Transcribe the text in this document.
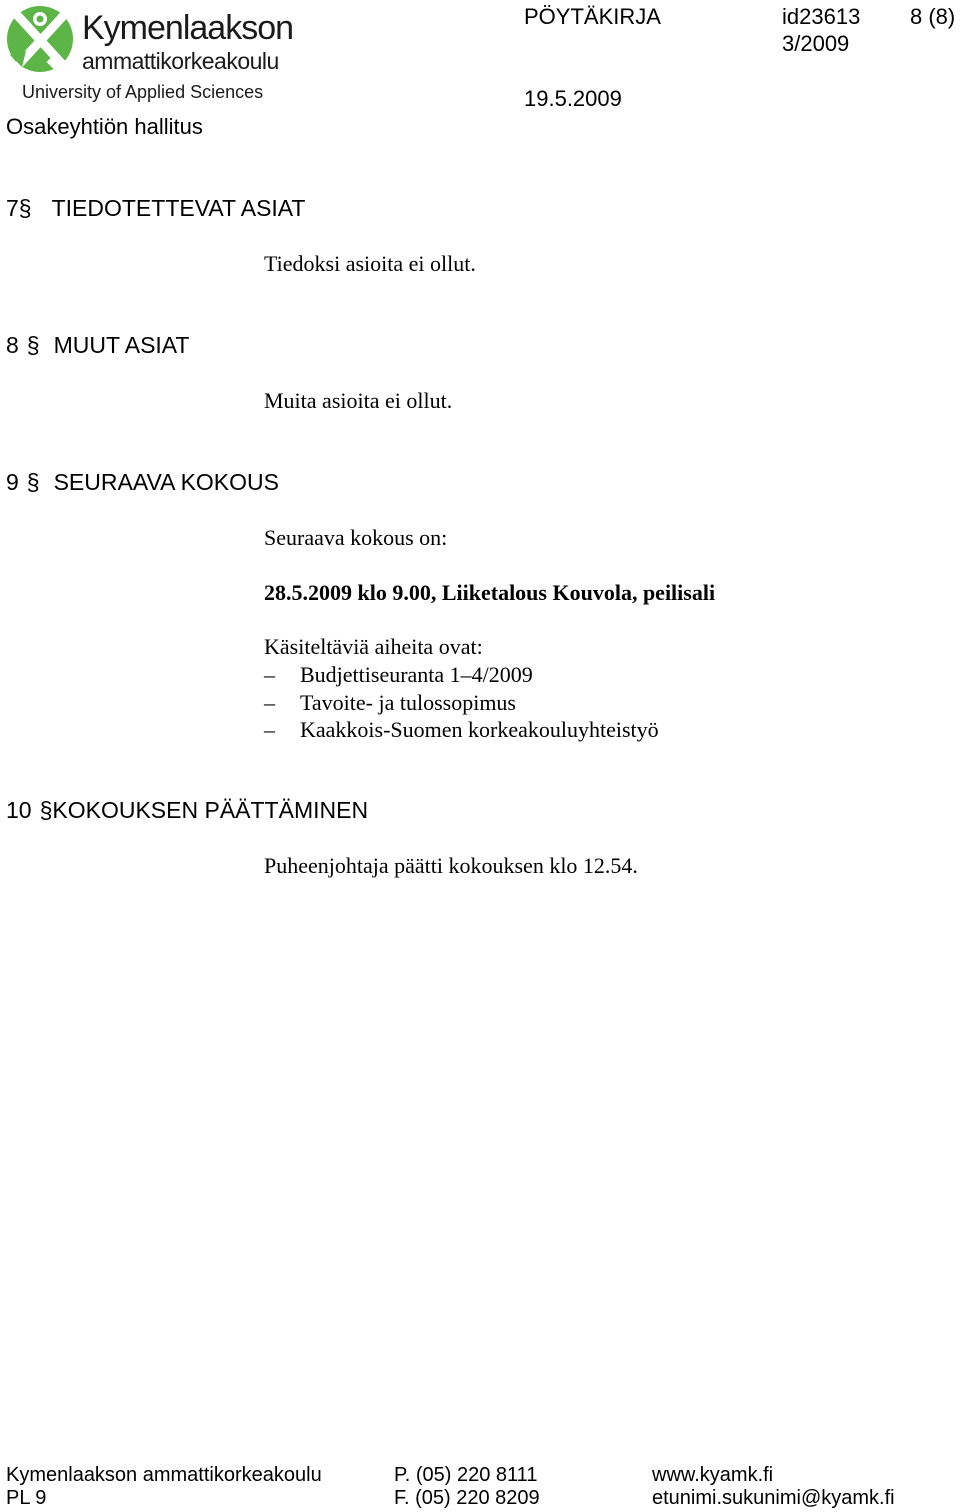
Kymenlaakson
ammattikorkeakoulu
University of Applied Sciences
PÖYTÄKIRJA	id23613 8 (8)
3/2009
19.5.2009
Osakeyhtiön hallitus
7§ TIEDOTETTEVAT ASIAT
Tiedoksi asioita ei ollut.
8 § MUUT ASIAT
Muita asioita ei ollut.
9 § SEURAAVA KOKOUS
Seuraava kokous on:
28.5.2009 klo 9.00, Liiketalous Kouvola, peilisali
Käsiteltäviä aiheita ovat:
– Budjettiseuranta 1–4/2009
– Tavoite- ja tulossopimus
– Kaakkois-Suomen korkeakouluyhteistyö
10 §KOKOUKSEN PÄÄTTÄMINEN
Puheenjohtaja päätti kokouksen klo 12.54.
Kymenlaakson ammattikorkeakoulu
PL 9
P. (05) 220 8111
F. (05) 220 8209
www.kyamk.fi
etunimi.sukunimi@kyamk.fi
